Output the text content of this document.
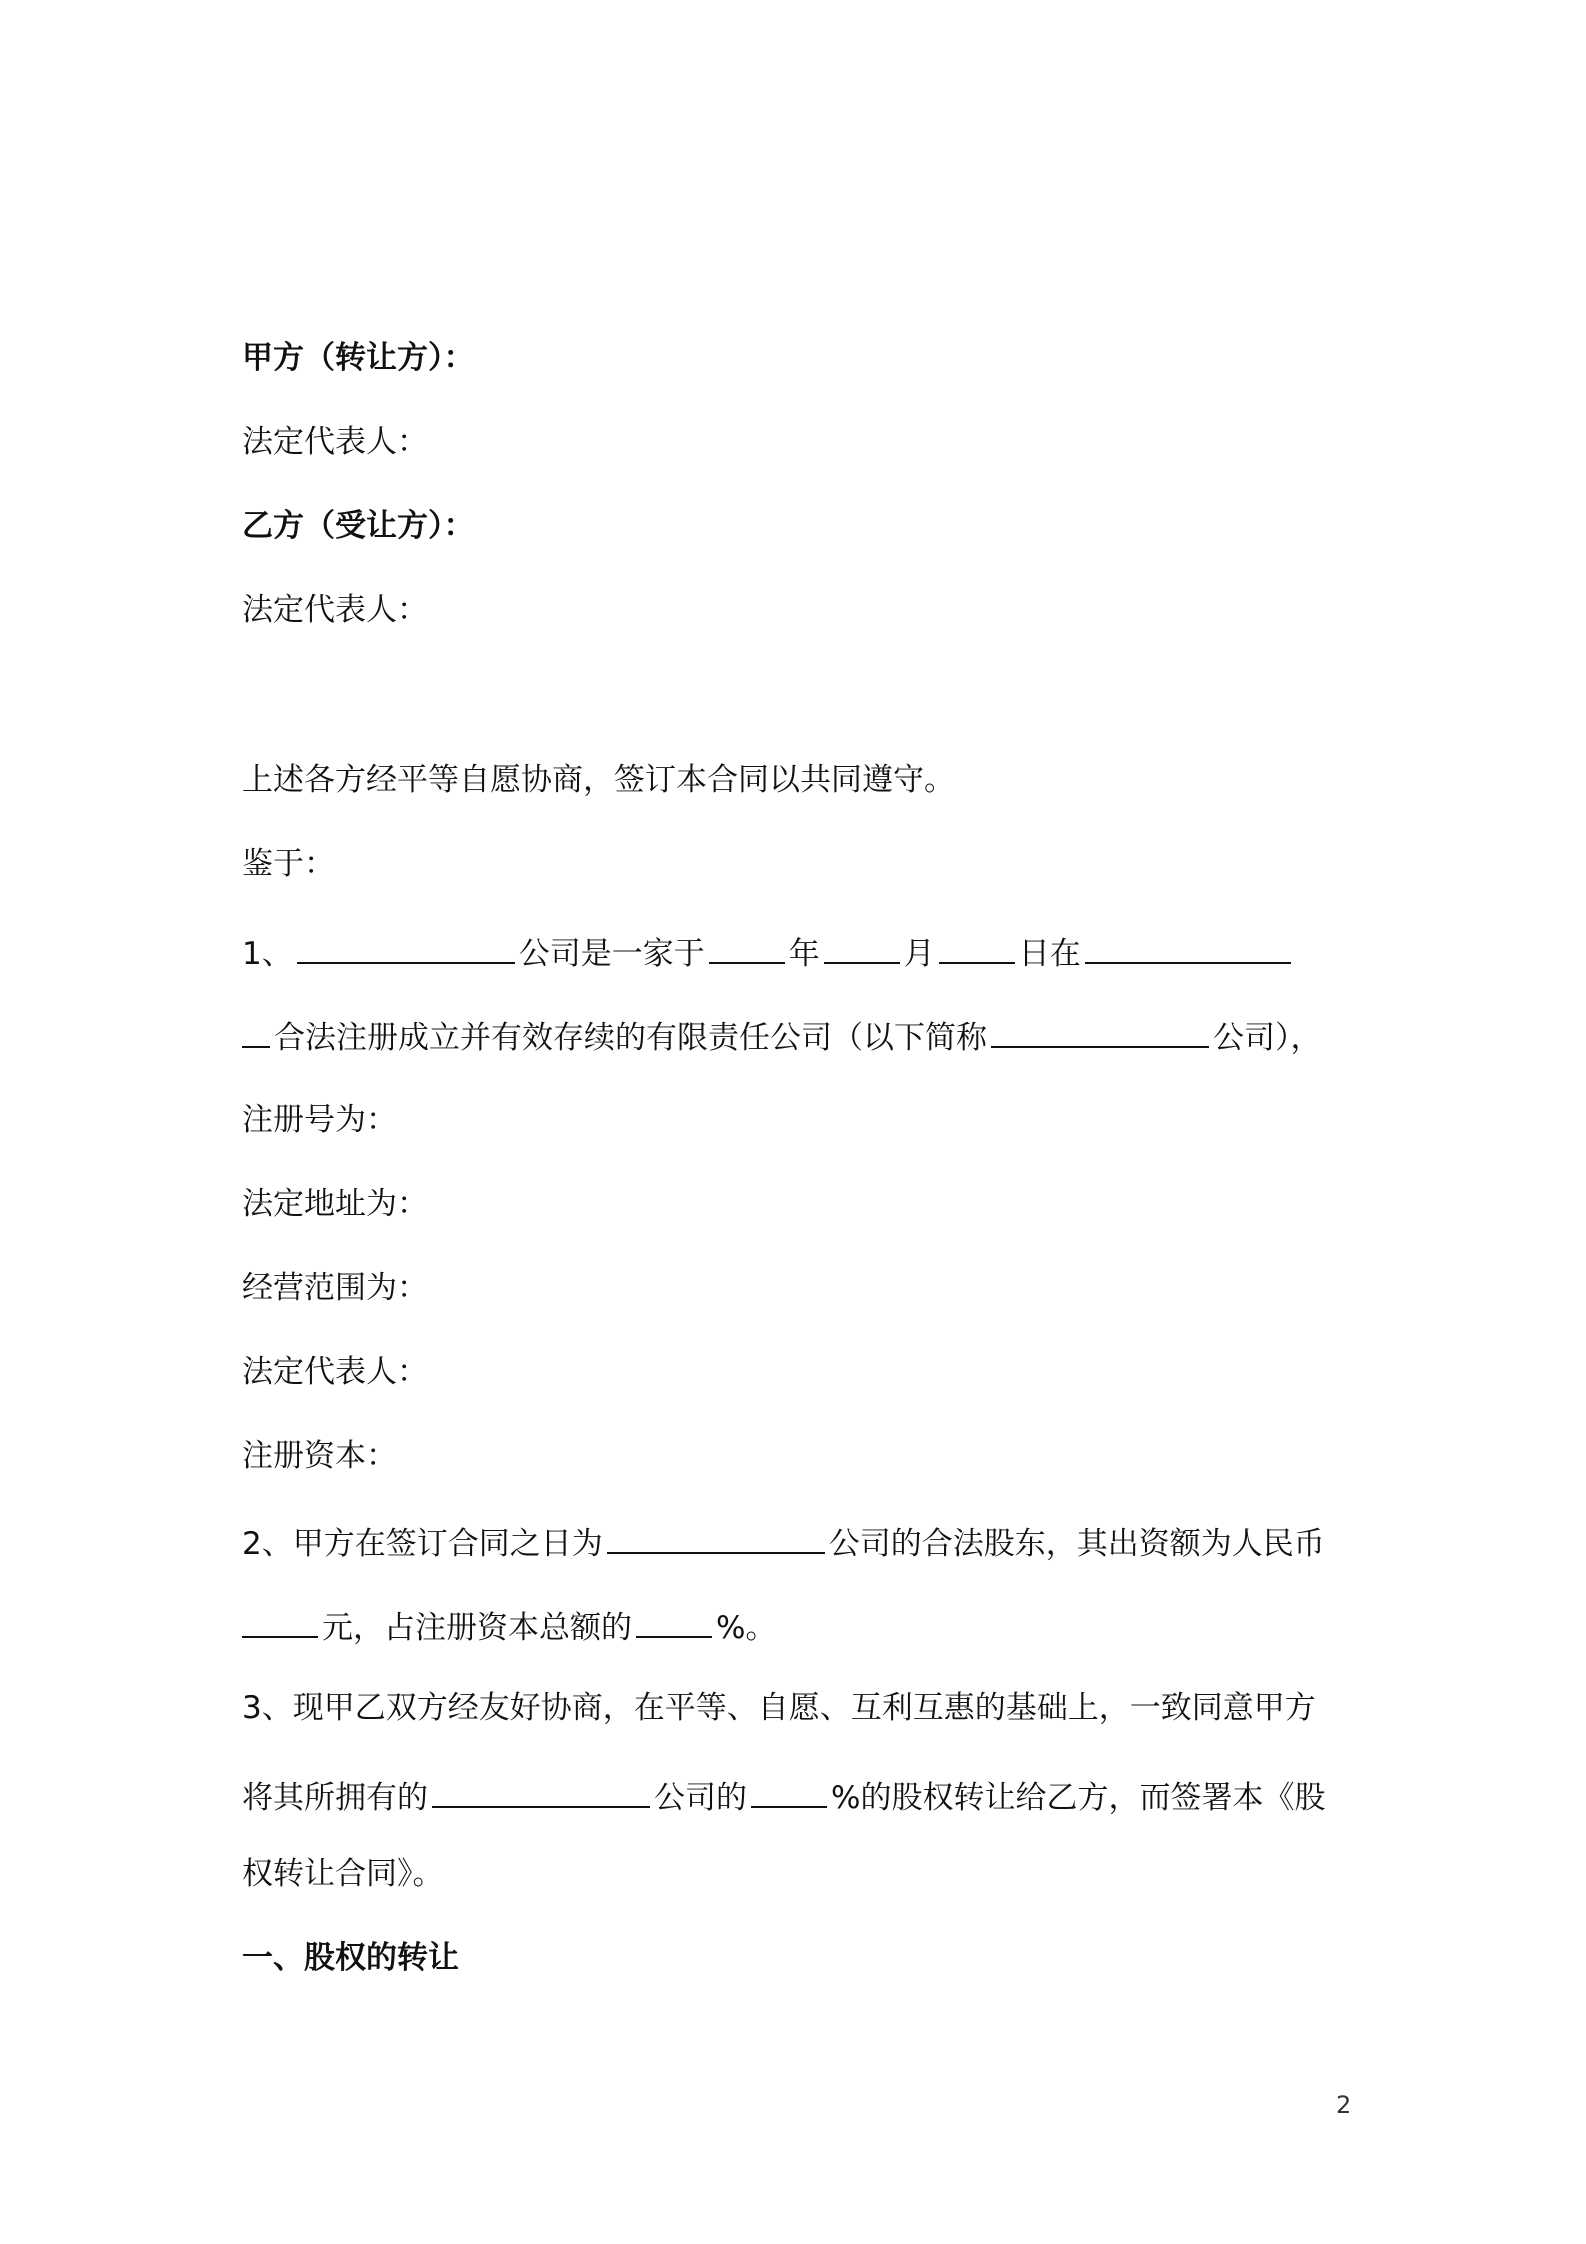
甲方（转让方）：
法定代表人：
乙方（受让方）：
法定代表人：
上述各方经平等自愿协商，签订本合同以共同遵守。
鉴于：
1、	公司是一家于	年	月	日在
合法注册成立并有效存续的有限责任公司（以下简称	公司），
注册号为：
法定地址为：
经营范围为：
法定代表人：
注册资本：
2、甲方在签订合同之日为	公司的合法股东，其出资额为人民币
元，占注册资本总额的	%。
3、现甲乙双方经友好协商，在平等、自愿、互利互惠的基础上，一致同意甲方
将其所拥有的	公司的	%的股权转让给乙方，而签署本《股
权转让合同》。
一、股权的转让
2
